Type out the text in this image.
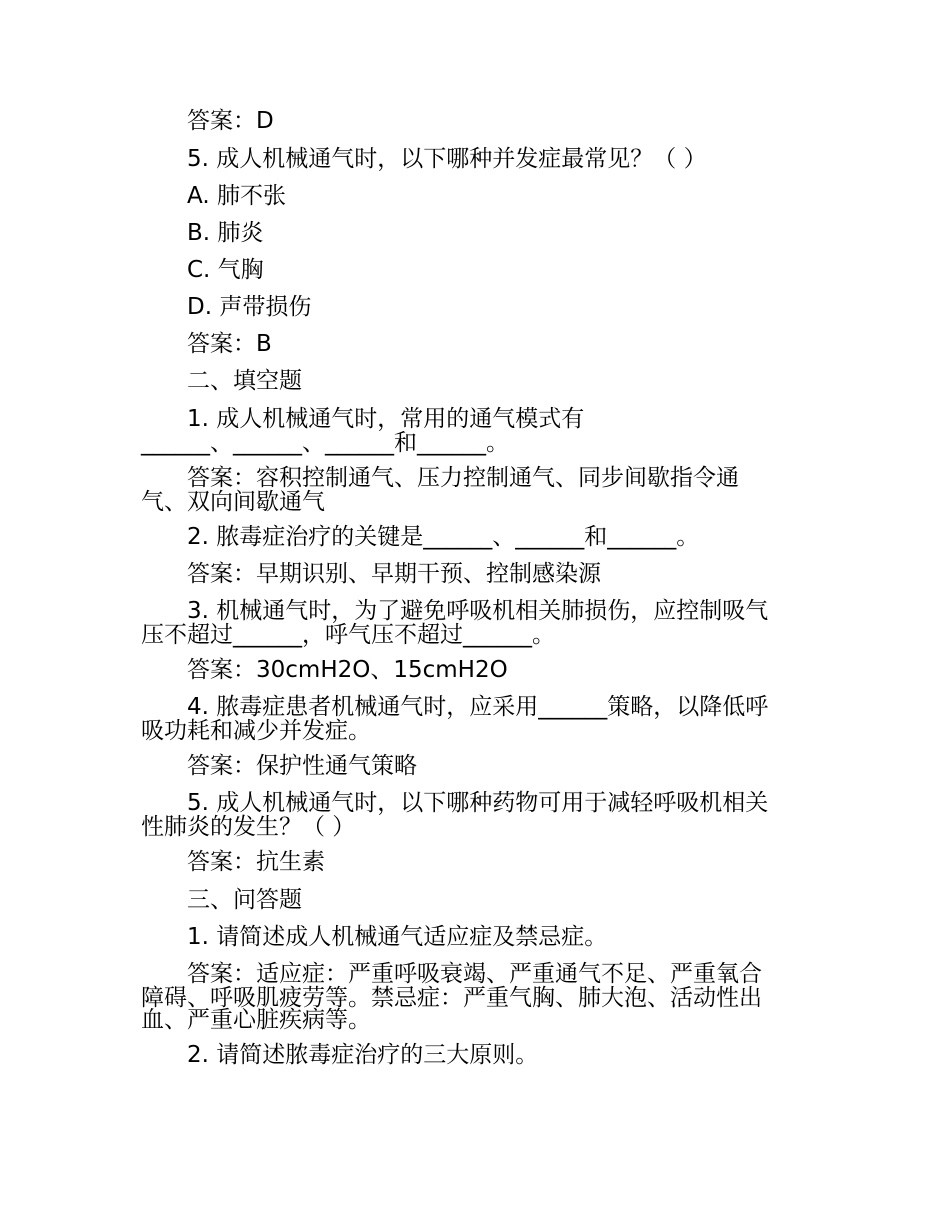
答案：D
5. 成人机械通气时，以下哪种并发症最常见？（ ）
A. 肺不张
B. 肺炎
C. 气胸
D. 声带损伤
答案：B
二、填空题
1. 成人机械通气时，常用的通气模式有
______、______、______和______。
答案：容积控制通气、压力控制通气、同步间歇指令通
气、双向间歇通气
2. 脓毒症治疗的关键是______、______和______。
答案：早期识别、早期干预、控制感染源
3. 机械通气时，为了避免呼吸机相关肺损伤，应控制吸气
压不超过______，呼气压不超过______。
答案：30cmH2O、15cmH2O
4. 脓毒症患者机械通气时，应采用______策略，以降低呼
吸功耗和减少并发症。
答案：保护性通气策略
5. 成人机械通气时，以下哪种药物可用于减轻呼吸机相关
性肺炎的发生？（ ）
答案：抗生素
三、问答题
1. 请简述成人机械通气适应症及禁忌症。
答案：适应症：严重呼吸衰竭、严重通气不足、严重氧合
障碍、呼吸肌疲劳等。禁忌症：严重气胸、肺大泡、活动性出
血、严重心脏疾病等。
2. 请简述脓毒症治疗的三大原则。
